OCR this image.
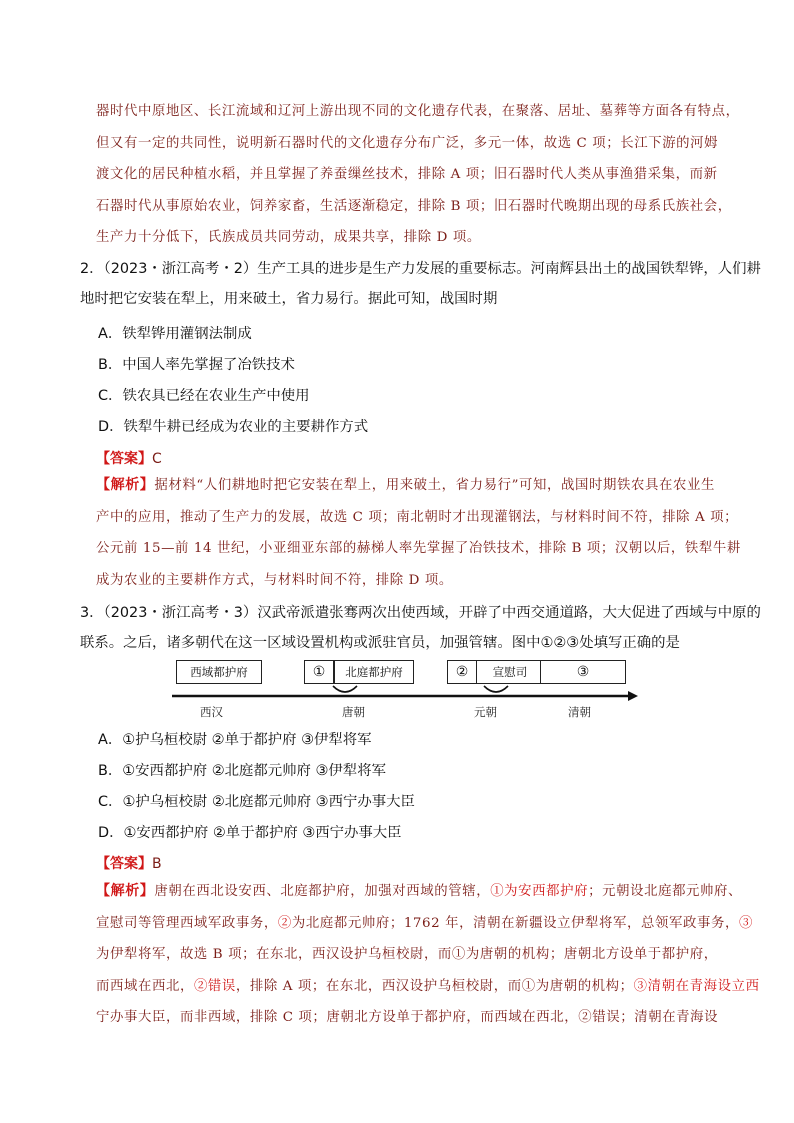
器时代中原地区、长江流域和辽河上游出现不同的文化遗存代表，在聚落、居址、墓葬等方面各有特点，
但又有一定的共同性，说明新石器时代的文化遗存分布广泛，多元一体，故选 C 项；长江下游的河姆
渡文化的居民种植水稻，并且掌握了养蚕缫丝技术，排除 A 项；旧石器时代人类从事渔猎采集，而新
石器时代从事原始农业，饲养家畜，生活逐渐稳定，排除 B 项；旧石器时代晚期出现的母系氏族社会，
生产力十分低下，氏族成员共同劳动，成果共享，排除 D 项。
2．（2023・浙江高考・2）生产工具的进步是生产力发展的重要标志。河南辉县出土的战国铁犁铧，人们耕
地时把它安装在犁上，用来破土，省力易行。据此可知，战国时期
A．铁犁铧用灌钢法制成
B．中国人率先掌握了冶铁技术
C．铁农具已经在农业生产中使用
D．铁犁牛耕已经成为农业的主要耕作方式
【答案】C
【解析】据材料“人们耕地时把它安装在犁上，用来破土，省力易行”可知，战国时期铁农具在农业生
产中的应用，推动了生产力的发展，故选 C 项；南北朝时才出现灌钢法，与材料时间不符，排除 A 项；
公元前 15—前 14 世纪，小亚细亚东部的赫梯人率先掌握了冶铁技术，排除 B 项；汉朝以后，铁犁牛耕
成为农业的主要耕作方式，与材料时间不符，排除 D 项。
3．（2023・浙江高考・3）汉武帝派遣张骞两次出使西域，开辟了中西交通道路，大大促进了西域与中原的
联系。之后，诸多朝代在这一区域设置机构或派驻官员，加强管辖。图中①②③处填写正确的是
西域都护府	①	北庭都护府	②	宣慰司	③
西汉	唐朝	元朝	清朝
A．①护乌桓校尉 ②单于都护府 ③伊犁将军
B．①安西都护府 ②北庭都元帅府 ③伊犁将军
C．①护乌桓校尉 ②北庭都元帅府 ③西宁办事大臣
D．①安西都护府 ②单于都护府 ③西宁办事大臣
【答案】B
【解析】唐朝在西北设安西、北庭都护府，加强对西域的管辖，①为安西都护府；元朝设北庭都元帅府、
宣慰司等管理西域军政事务，②为北庭都元帅府；1762 年，清朝在新疆设立伊犁将军，总领军政事务，③
为伊犁将军，故选 B 项；在东北，西汉设护乌桓校尉，而①为唐朝的机构；唐朝北方设单于都护府，
而西域在西北，②错误，排除 A 项；在东北，西汉设护乌桓校尉，而①为唐朝的机构；③清朝在青海设立西
宁办事大臣，而非西域，排除 C 项；唐朝北方设单于都护府，而西域在西北，②错误；清朝在青海设
